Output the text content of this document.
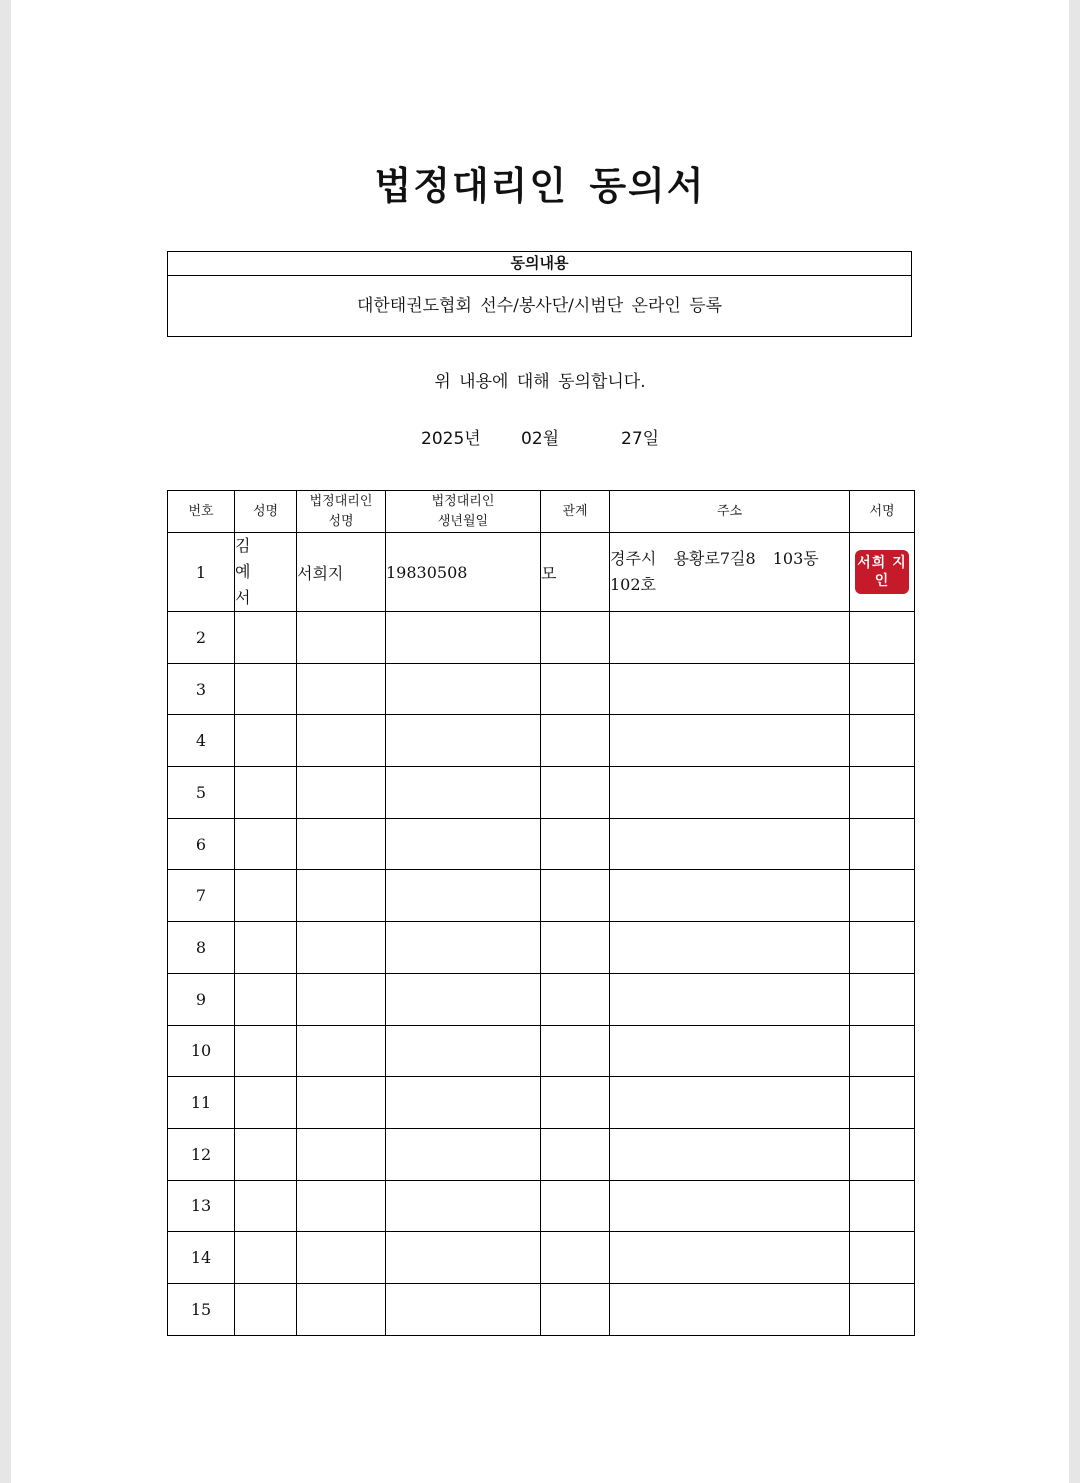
법정대리인 동의서
동의내용
대한태권도협회 선수/봉사단/시범단 온라인 등록
위 내용에 대해 동의합니다.
2025년 02월	27일
번호	성명	법정대리인 성명	법정대리인 생년월일	관계	주소	서명
1	김 예 서	서희지	19830508	모	경주시 용황로7길8 103동 102호	서희 지인

2						
3						
4						
5						
6						
7						
8						
9						
10						
11						
12						
13						
14						
15						
